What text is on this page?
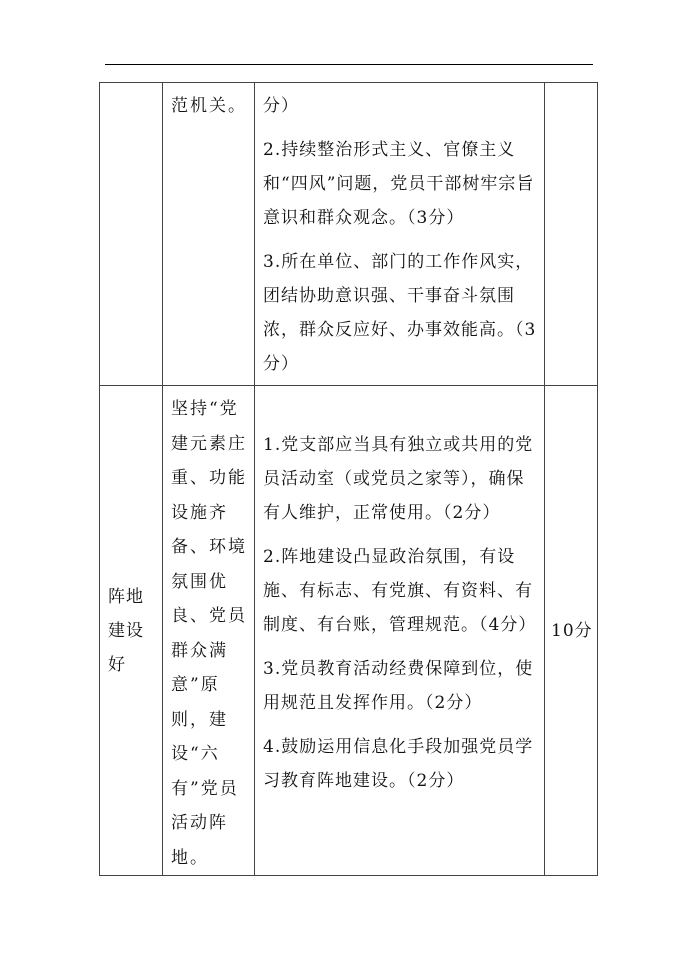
	范机关。	分）

2.持续整治形式主义、官僚主义和“四风”问题，党员干部树牢宗旨意识和群众观念。（3分）

3.所在单位、部门的工作作风实，团结协助意识强、干事奋斗氛围浓，群众反应好、办事效能高。（3分）	

阵地建设好	坚持“党建元素庄重、功能设施齐备、环境氛围优良、党员群众满意”原则，建设“六有”党员活动阵地。	1.党支部应当具有独立或共用的党员活动室（或党员之家等），确保有人维护，正常使用。（2分）

2.阵地建设凸显政治氛围，有设施、有标志、有党旗、有资料、有制度、有台账，管理规范。（4分）

3.党员教育活动经费保障到位，使用规范且发挥作用。（2分）

4.鼓励运用信息化手段加强党员学习教育阵地建设。（2分）	10分
